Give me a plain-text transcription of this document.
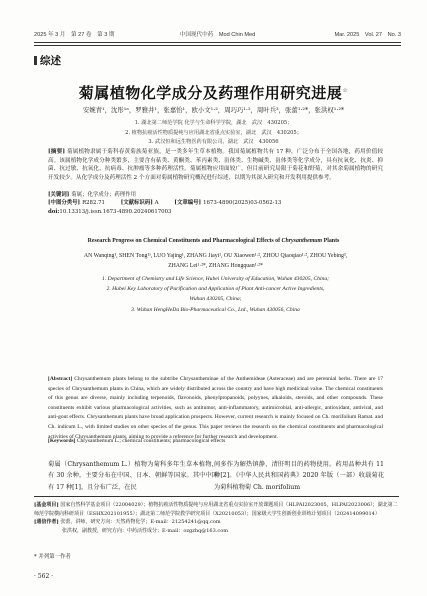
2025 年 3 月　第 27 卷　第 3 期	中国现代中药　Mod Chin Med	Mar. 2025　Vol. 27　No. 3
综述
菊属植物化学成分及药理作用研究进展☆
安婉青¹，沈彤¹ᵃ，罗雅井¹，张嘉怡¹，欧小文¹·²，周巧巧¹·²，周叶兵³，张蕾¹·²*，张洪权¹·²*
1. 湖北第二师范学院 化学与生命科学学院，湖北　武汉　430205；
2. 植物抗癌活性物质提纯与应用湖北省重点实验室，湖北　武汉　430205；
3. 武汉恒和远生物医药有限公司，湖北　武汉　430056
[摘要] 菊属植物隶属于菊科春黄菊族菊亚族，是一类多年生草本植物。我国菊属植物共有 17 种，广泛分布于全国各地，药用价值较高。该属植物化学成分种类繁多，主要含有萜类、黄酮类、苯丙素类、甾体类、生物碱类、甾体类等化学成分，具有抗氧化、抗炎、抑菌、抗过敏、抗氧化、抗病毒、抗肿瘤等多种药理活性。菊属植物应用面较广，但目前研究局限于菊花和野菊，对其余菊属植物的研究开发较少。从化学成分及药理活性 2 个方面对菊属植物研究概况进行综述，以期为其深入研究和开发利用提供参考。
[关键词] 菊属；化学成分；药理作用
[中图分类号] R282.71	[文献标识码] A	[文章编号] 1673-4890(2025)03-0562-13
doi:10.13313/j.issn.1673-4890.20240617003
Research Progress on Chemical Constituents and Pharmacological Effects of Chrysanthemum Plants
AN Wanqing¹, SHEN Tong¹ᵃ, LUO Yajing¹, ZHANG Jiayi¹, OU Xiaowen¹·², ZHOU Qiaoqiao¹·², ZHOU Yebing³,
ZHANG Lei¹·²*, ZHANG Hongquan¹·²*
1. Department of Chemistry and Life Science, Hubei University of Education, Wuhan 430205, China;
2. Hubei Key Laboratory of Purification and Application of Plant Anti-cancer Active Ingredients,
Wuhan 430205, China;
3. Wuhan HengHeDa Bio-Pharmaceutical Co., Ltd., Wuhan 430056, China
[Abstract] Chrysanthemum plants belong to the subtribe Chrysantheminae of the Anthemideae (Asteraceae) and are perennial herbs. There are 17 species of Chrysanthemum plants in China, which are widely distributed across the country and have high medicinal value. The chemical constituents of this genus are diverse, mainly including terpenoids, flavonoids, phenylpropanoids, polyynes, alkaloids, steroids, and other compounds. These constituents exhibit various pharmacological activities, such as antitumor, anti-inflammatory, antimicrobial, anti-allergic, antioxidant, antiviral, and anti-gout effects. Chrysanthemum plants have broad application prospects. However, current research is mainly focused on Ch. morifolium Ramat. and Ch. indicum L., with limited studies on other species of the genus. This paper reviews the research on the chemical constituents and pharmacological activities of Chrysanthemum plants, aiming to provide a reference for further research and development.
[Keywords] Chrysanthemum L.; chemical constituents; pharmacological effects
菊属（Chrysanthemum L.）植物为菊科多年生草本植物，有 30 余种，主要分布在中国、日本、朝鲜等国家。其中中国有 17 种[1]，且分布广泛，在民
间多作为解热镇静、清肝明目的药物使用。药用品种共有 11 种[2]。《中华人民共和国药典》2020 年版（一部）收载菊花为菊科植物菊 Ch. morifolium
[基金项目] 国家自然科学基金项目（22004029）；植物抗癌活性物质提纯与应用湖北省重点实验室开放课题项目（HLPAI2023005，HLPAI2023006）；湖北第二师范学院横向科研项目（ESHX202101955）；湖北第二师范学院教学研究项目（X20210053）；国家级大学生创新创业训练计划项目（202414099014）
[通信作者] 张蕾，讲师，研究方向：天然药物化学；E-mail：21254241@qq.com
张洪权，副教授，研究方向：中药活性成分；E-mail：ozgzhq@163.com
* 并列第一作者
· 562 ·
